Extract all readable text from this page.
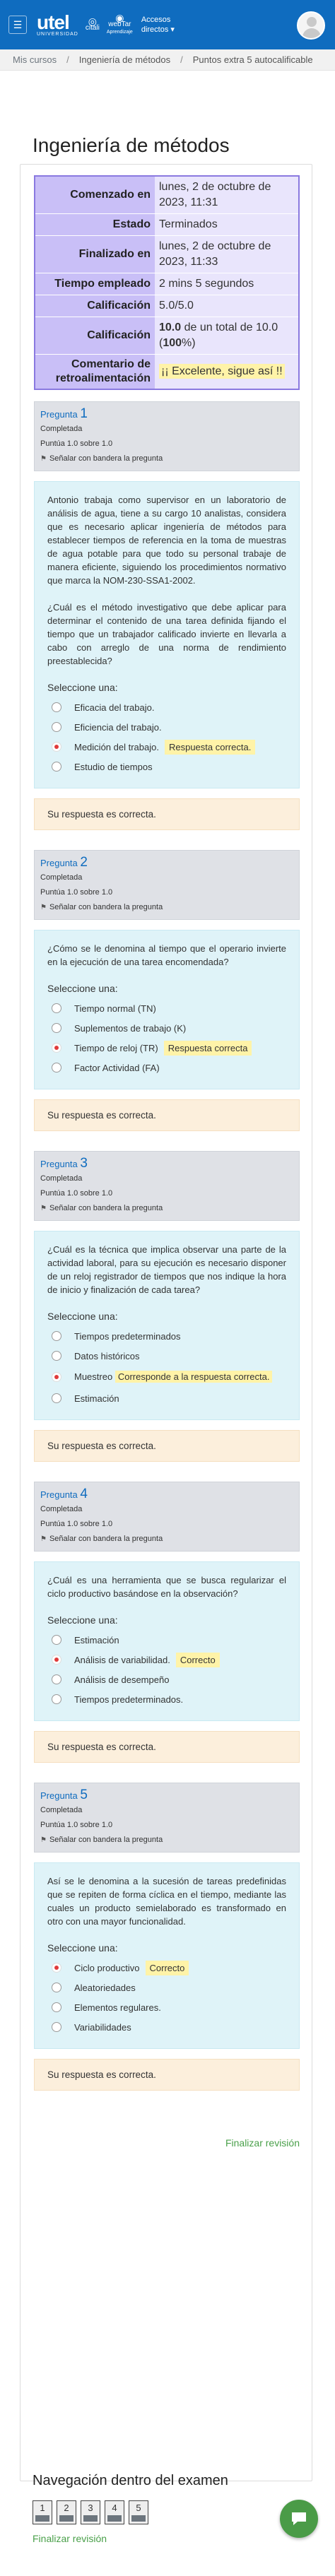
☰ utel
UNIVERSIDAD
◎
citali
◉
webTar
Aprendizaje
Accesos
directos ▾
Mis cursos / Ingeniería de métodos / Puntos extra 5 autocalificable
Ingeniería de métodos
Comenzado en	lunes, 2 de octubre de 2023, 11:31
Estado	Terminados
Finalizado en	lunes, 2 de octubre de 2023, 11:33
Tiempo empleado	2 mins 5 segundos
Calificación	5.0/5.0
Calificación	10.0 de un total de 10.0 (100%)
Comentario de retroalimentación	¡¡ Excelente, sigue así !!
Pregunta 1
Completada
Puntúa 1.0 sobre 1.0
⚑ Señalar con bandera la pregunta

Antonio trabaja como supervisor en un laboratorio de análisis de agua, tiene a su cargo 10 analistas, considera que es necesario aplicar ingeniería de métodos para establecer tiempos de referencia en la toma de muestras de agua potable para que todo su personal trabaje de manera eficiente, siguiendo los procedimientos normativo que marca la NOM-230-SSA1-2002.

¿Cuál es el método investigativo que debe aplicar para determinar el contenido de una tarea definida fijando el tiempo que un trabajador calificado invierte en llevarla a cabo con arreglo de una norma de rendimiento preestablecida?

Seleccione una:
Eficacia del trabajo.
Eficiencia del trabajo.
Medición del trabajo.	Respuesta correcta.
Estudio de tiempos
Su respuesta es correcta.
Pregunta 2
Completada
Puntúa 1.0 sobre 1.0
⚑ Señalar con bandera la pregunta

¿Cómo se le denomina al tiempo que el operario invierte en la ejecución de una tarea encomendada?

Seleccione una:
Tiempo normal (TN)
Suplementos de trabajo (K)
Tiempo de reloj (TR)	Respuesta correcta
Factor Actividad (FA)
Su respuesta es correcta.
Pregunta 3
Completada
Puntúa 1.0 sobre 1.0
⚑ Señalar con bandera la pregunta

¿Cuál es la técnica que implica observar una parte de la actividad laboral, para su ejecución es necesario disponer de un reloj registrador de tiempos que nos indique la hora de inicio y finalización de cada tarea?

Seleccione una:
Tiempos predeterminados
Datos históricos
Muestreo Corresponde a la respuesta correcta.
Estimación
Su respuesta es correcta.
Pregunta 4
Completada
Puntúa 1.0 sobre 1.0
⚑ Señalar con bandera la pregunta

¿Cuál es una herramienta que se busca regularizar el ciclo productivo basándose en la observación?

Seleccione una:
Estimación
Análisis de variabilidad.	Correcto
Análisis de desempeño
Tiempos predeterminados.
Su respuesta es correcta.
Pregunta 5
Completada
Puntúa 1.0 sobre 1.0
⚑ Señalar con bandera la pregunta

Así se le denomina a la sucesión de tareas predefinidas que se repiten de forma cíclica en el tiempo, mediante las cuales un producto semielaborado es transformado en otro con una mayor funcionalidad.

Seleccione una:
Ciclo productivo	Correcto
Aleatoriedades
Elementos regulares.
Variabilidades
Su respuesta es correcta.
Finalizar revisión
Navegación dentro del examen
1	2	3	4	5
Finalizar revisión
